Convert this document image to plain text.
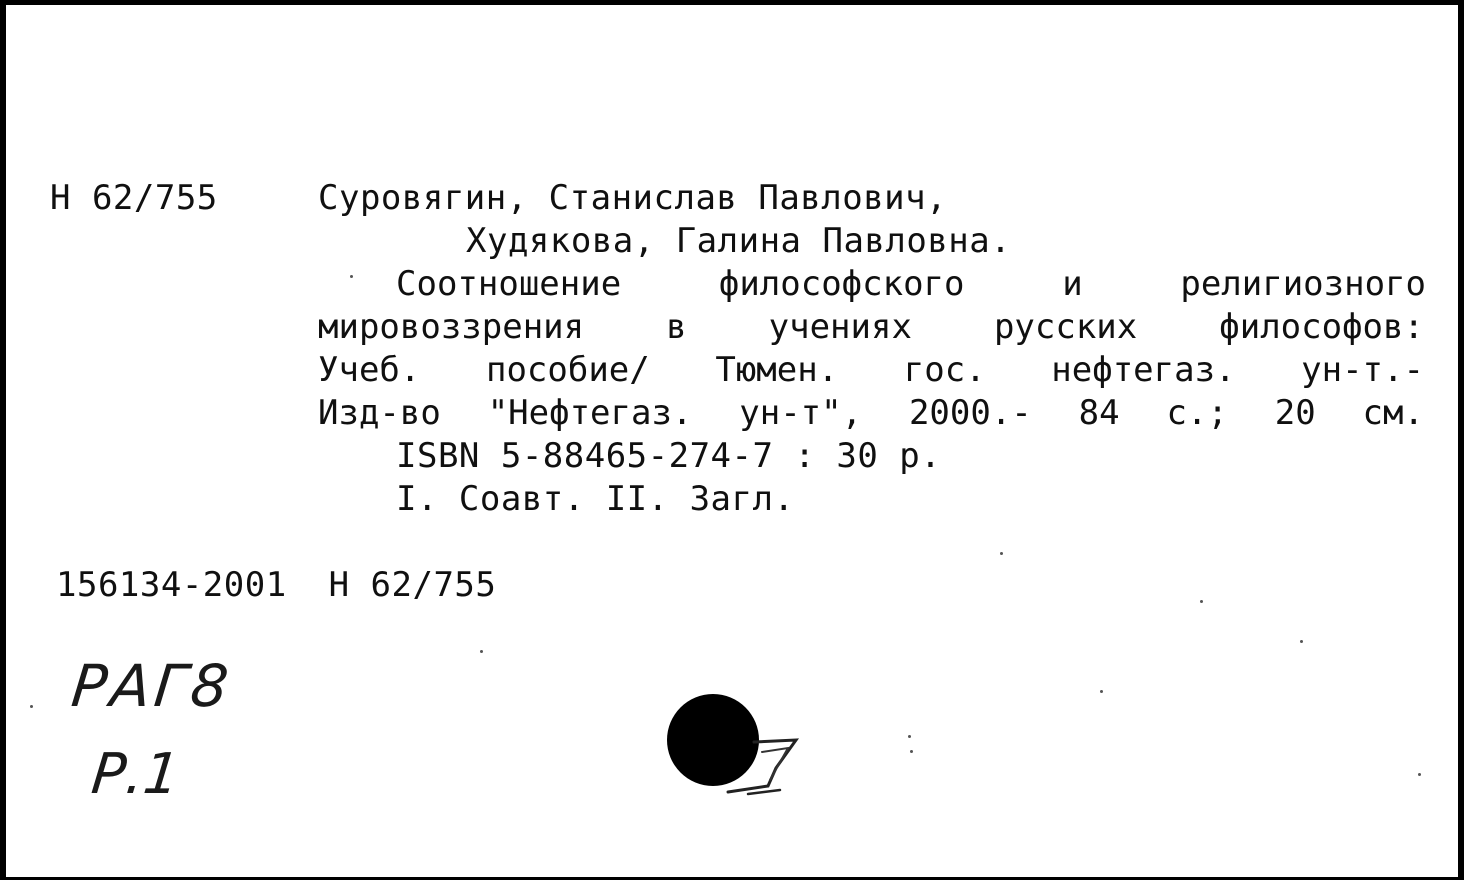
Н 62/755	Суровягин, Станислав Павлович,

Худякова, Галина Павловна.

Соотношение	философского	и	религиозного

мировоззрения в учениях русских философов:

Учеб. пособие/ Тюмен. гос. нефтегаз. ун-т.-

Изд-во "Нефтегаз. ун-т", 2000.- 84 с.; 20 см.

ISBN 5-88465-274-7 : 30 р.

I. Соавт. II. Загл.

156134-2001  Н 62/755

РАГ8
Р.1
